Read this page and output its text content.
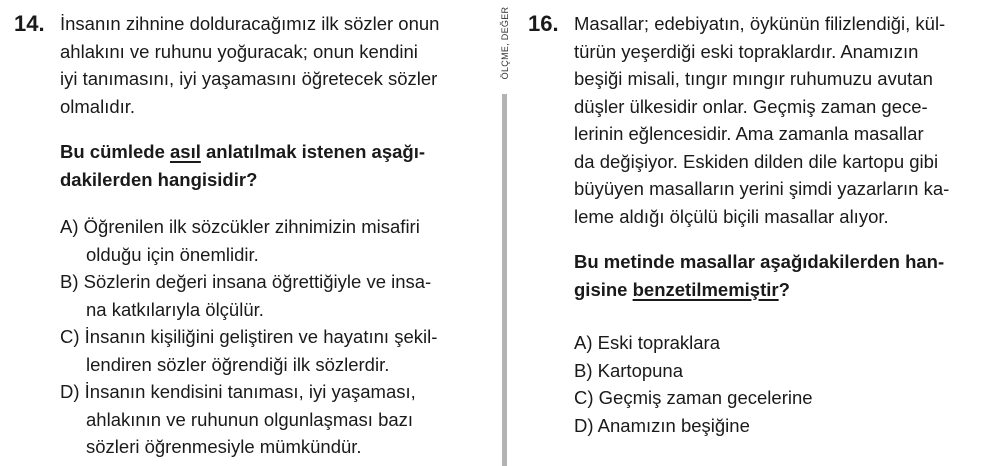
14. İnsanın zihnine dolduracağımız ilk sözler onun
ahlakını ve ruhunu yoğuracak; onun kendini
iyi tanımasını, iyi yaşamasını öğretecek sözler
olmalıdır.
Bu cümlede asıl anlatılmak istenen aşağı-
dakilerden hangisidir?
A) Öğrenilen ilk sözcükler zihnimizin misafiri
olduğu için önemlidir.
B) Sözlerin değeri insana öğrettiğiyle ve insa-
na katkılarıyla ölçülür.
C) İnsanın kişiliğini geliştiren ve hayatını şekil-
lendiren sözler öğrendiği ilk sözlerdir.
D) İnsanın kendisini tanıması, iyi yaşaması,
ahlakının ve ruhunun olgunlaşması bazı
sözleri öğrenmesiyle mümkündür.
ÖLÇME, DEĞER 16. Masallar; edebiyatın, öykünün filizlendiği, kül-
türün yeşerdiği eski topraklardır. Anamızın
beşiği misali, tıngır mıngır ruhumuzu avutan
düşler ülkesidir onlar. Geçmiş zaman gece-
lerinin eğlencesidir. Ama zamanla masallar
da değişiyor. Eskiden dilden dile kartopu gibi
büyüyen masalların yerini şimdi yazarların ka-
leme aldığı ölçülü biçili masallar alıyor.
Bu metinde masallar aşağıdakilerden han-
gisine benzetilmemiştir?
A) Eski topraklara
B) Kartopuna
C) Geçmiş zaman gecelerine
D) Anamızın beşiğine
